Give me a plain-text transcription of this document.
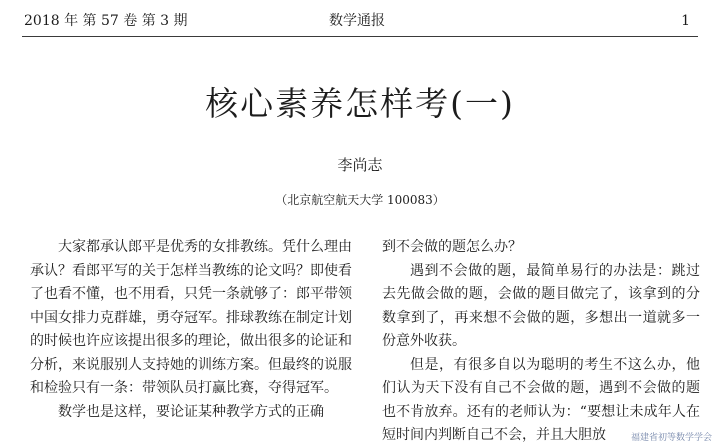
2018 年 第 57 卷 第 3 期	数学通报	1
核心素养怎样考(一)
李尚志
（北京航空航天大学 100083）

大家都承认郎平是优秀的女排教练。凭什么理由承认？看郎平写的关于怎样当教练的论文吗？即使看了也看不懂，也不用看，只凭一条就够了：郎平带领中国女排力克群雄，勇夺冠军。排球教练在制定计划的时候也许应该提出很多的理论，做出很多的论证和分析，来说服别人支持她的训练方案。但最终的说服和检验只有一条：带领队员打赢比赛，夺得冠军。

数学也是这样，要论证某种教学方式的正确

到不会做的题怎么办？

遇到不会做的题，最简单易行的办法是：跳过去先做会做的题，会做的题目做完了，该拿到的分数拿到了，再来想不会做的题，多想出一道就多一份意外收获。

但是，有很多自以为聪明的考生不这么办，他们认为天下没有自己不会做的题，遇到不会做的题也不肯放弃。还有的老师认为：“要想让未成年人在短时间内判断自己不会，并且大胆放	福建省初等数学学会
